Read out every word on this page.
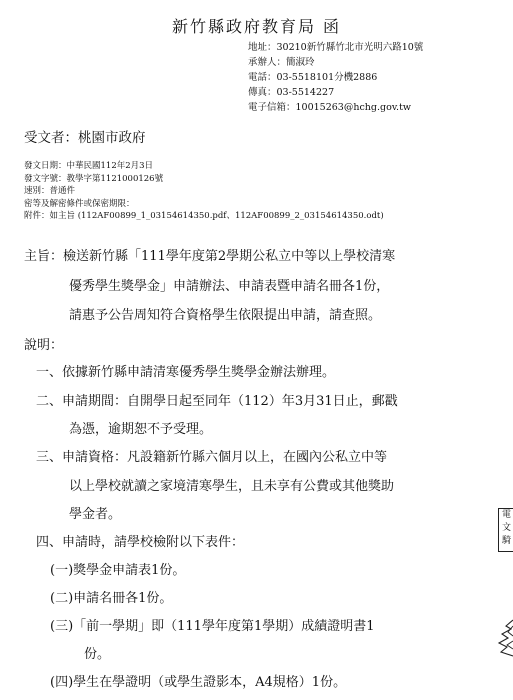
新竹縣政府教育局 函
地址：30210新竹縣竹北市光明六路10號
承辦人：簡淑玲
電話：03-5518101分機2886
傳真：03-5514227
電子信箱：10015263@hchg.gov.tw
受文者：桃園市政府
發文日期：中華民國112年2月3日
發文字號：教學字第1121000126號
速別：普通件
密等及解密條件或保密期限：
附件：如主旨 (112AF00899_1_03154614350.pdf、112AF00899_2_03154614350.odt)
主旨：檢送新竹縣「111學年度第2學期公私立中等以上學校清寒
優秀學生獎學金」申請辦法、申請表暨申請名冊各1份，
請惠予公告周知符合資格學生依限提出申請，請查照。
說明：
一、依據新竹縣申請清寒優秀學生獎學金辦法辦理。
二、申請期間：自開學日起至同年（112）年3月31日止，郵戳
為憑，逾期恕不予受理。
三、申請資格：凡設籍新竹縣六個月以上，在國內公私立中等
以上學校就讀之家境清寒學生，且未享有公費或其他獎助
學金者。
四、申請時，請學校檢附以下表件：
(一)獎學金申請表1份。
(二)申請名冊各1份。
(三)「前一學期」即（111學年度第1學期）成績證明書1
份。
(四)學生在學證明（或學生證影本，A4規格）1份。
電
文
騎
